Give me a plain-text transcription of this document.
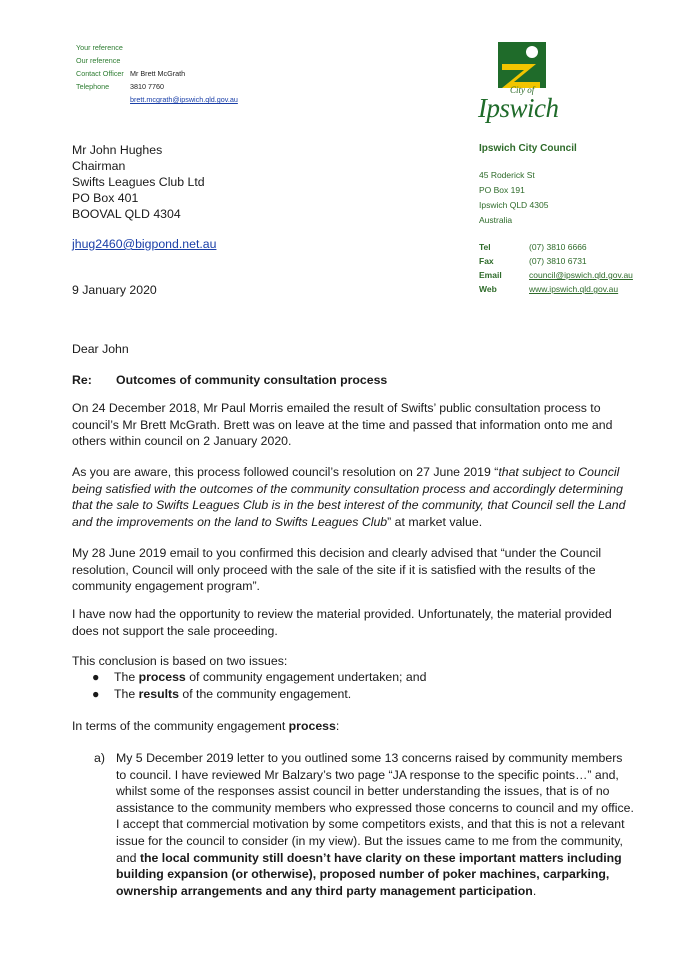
Your reference
Our reference
Contact Officer Mr Brett McGrath
Telephone	3810 7760
brett.mcgrath@ipswich.qld.gov.au
City of
Ipswich
Ipswich City Council
45 Roderick St
PO Box 191
Ipswich QLD 4305
Australia
Tel	(07) 3810 6666
Fax	(07) 3810 6731
Email	council@ipswich.qld.gov.au
Web	www.ipswich.qld.gov.au
Mr John Hughes
Chairman
Swifts Leagues Club Ltd
PO Box 401
BOOVAL QLD 4304
jhug2460@bigpond.net.au
9 January 2020
Dear John
Re:	Outcomes of community consultation process

On 24 December 2018, Mr Paul Morris emailed the result of Swifts’ public consultation process to council’s Mr Brett McGrath. Brett was on leave at the time and passed that information onto me and others within council on 2 January 2020.

As you are aware, this process followed council’s resolution on 27 June 2019 “that subject to Council being satisfied with the outcomes of the community consultation process and accordingly determining that the sale to Swifts Leagues Club is in the best interest of the community, that Council sell the Land and the improvements on the land to Swifts Leagues Club” at market value.

My 28 June 2019 email to you confirmed this decision and clearly advised that “under the Council resolution, Council will only proceed with the sale of the site if it is satisfied with the results of the community engagement program”.

I have now had the opportunity to review the material provided. Unfortunately, the material provided does not support the sale proceeding.

This conclusion is based on two issues:

●	The process of community engagement undertaken; and
●	The results of the community engagement.

In terms of the community engagement process:

a) My 5 December 2019 letter to you outlined some 13 concerns raised by community members to council. I have reviewed Mr Balzary’s two page “JA response to the specific points…” and, whilst some of the responses assist council in better understanding the issues, that is of no assistance to the community members who expressed those concerns to council and my office. I accept that commercial motivation by some competitors exists, and that this is not a relevant issue for the council to consider (in my view). But the issues came to me from the community, and the local community still doesn’t have clarity on these important matters including building expansion (or otherwise), proposed number of poker machines, carparking, ownership arrangements and any third party management participation.
